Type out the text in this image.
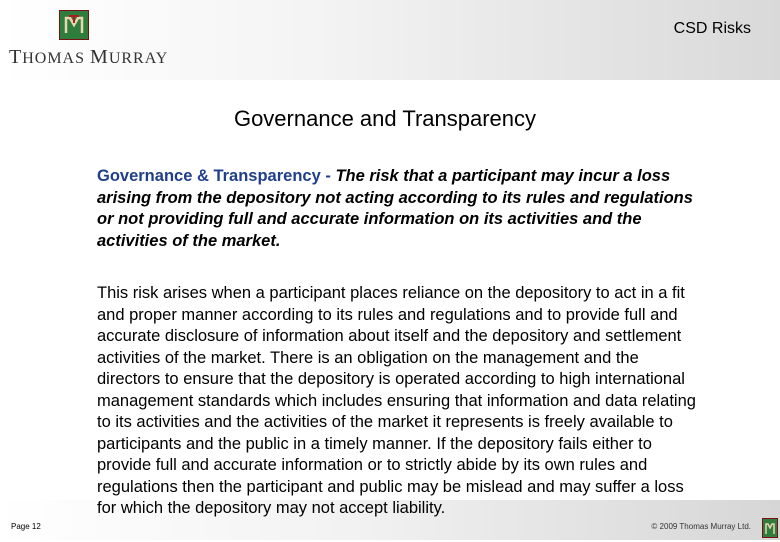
THOMAS MURRAY
CSD Risks
Governance and Transparency
Governance & Transparency - The risk that a participant may incur a loss arising from the depository not acting according to its rules and regulations or not providing full and accurate information on its activities and the activities of the market.
This risk arises when a participant places reliance on the depository to act in a fit and proper manner according to its rules and regulations and to provide full and accurate disclosure of information about itself and the depository and settlement activities of the market. There is an obligation on the management and the directors to ensure that the depository is operated according to high international management standards which includes ensuring that information and data relating to its activities and the activities of the market it represents is freely available to participants and the public in a timely manner. If the depository fails either to provide full and accurate information or to strictly abide by its own rules and regulations then the participant and public may be mislead and may suffer a loss for which the depository may not accept liability.
Page 12	© 2009 Thomas Murray Ltd.
